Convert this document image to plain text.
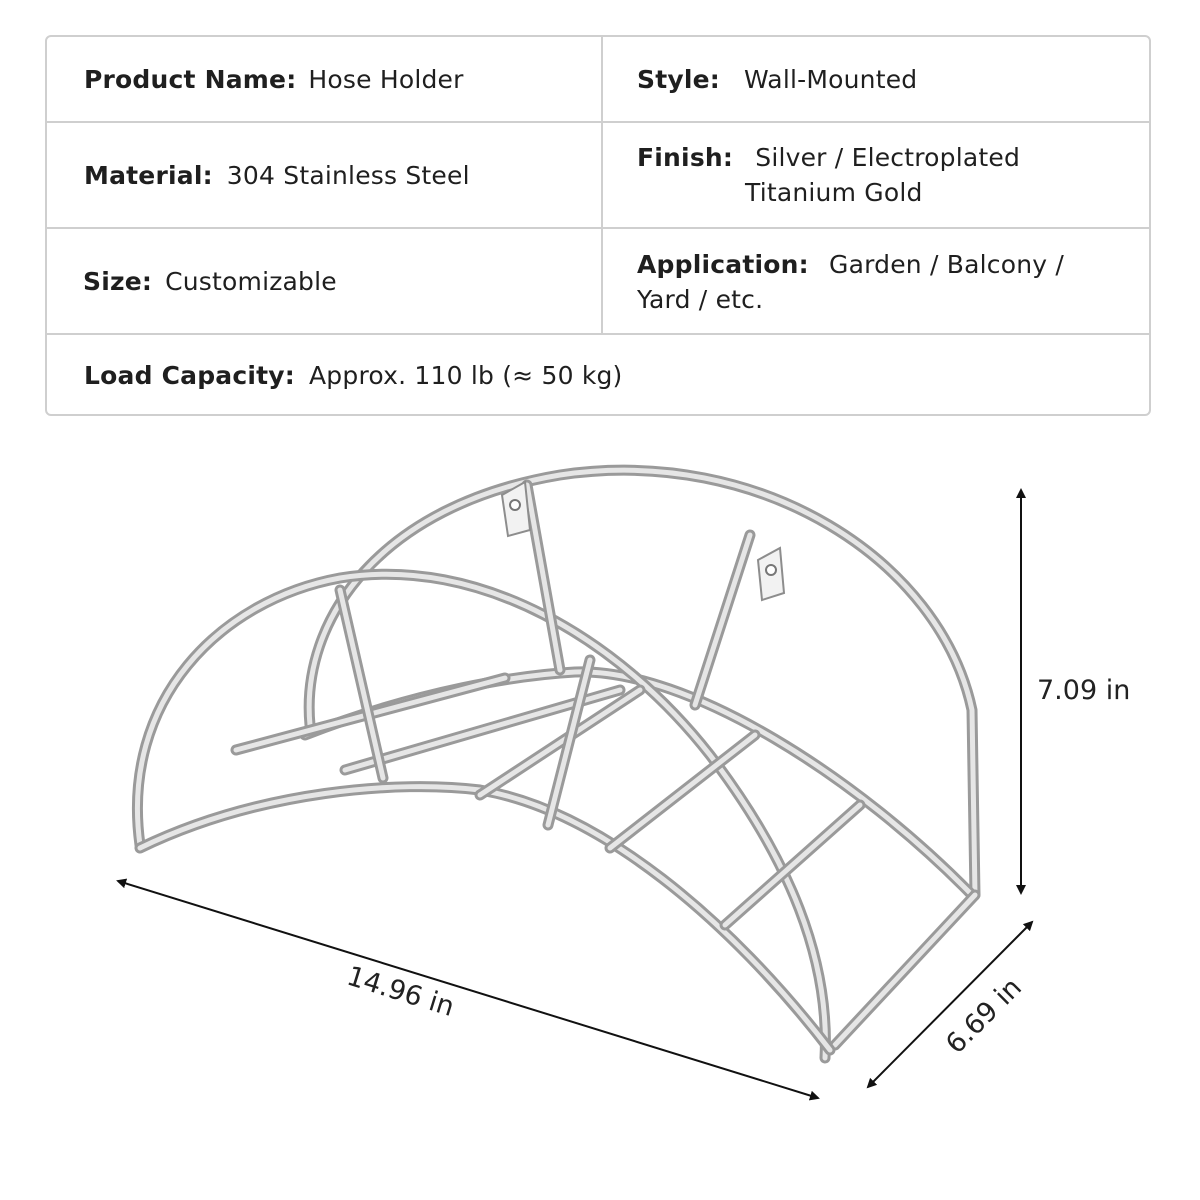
Product Name: Hose Holder	Style: Wall-Mounted
Material: 304 Stainless Steel
Finish: Silver / Electroplated
Titanium Gold
Size: Customizable
Application: Garden / Balcony /
Yard / etc.
Load Capacity: Approx. 110 lb (≈ 50 kg)
7.09 in
14.96 in	6.69 in
